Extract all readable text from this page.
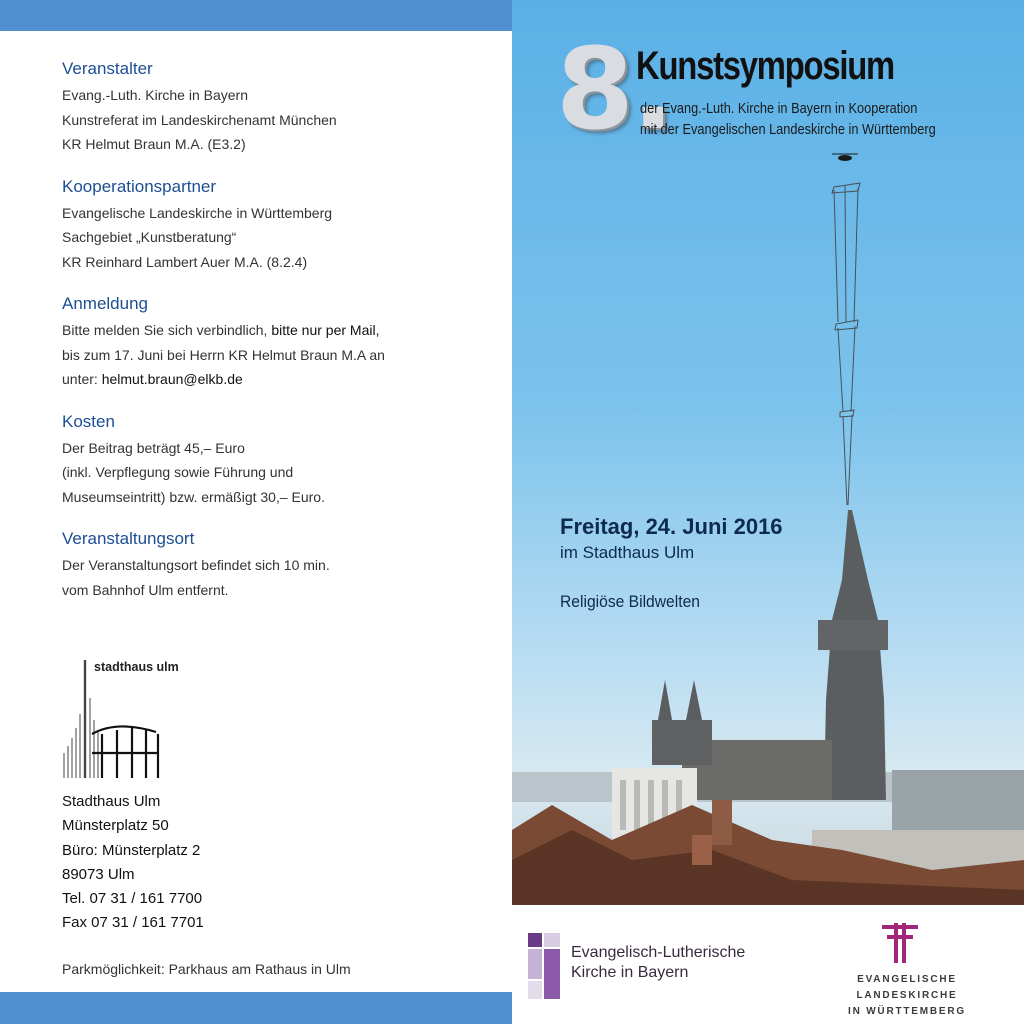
Veranstalter
Evang.-Luth. Kirche in Bayern
Kunstreferat im Landeskirchenamt München
KR Helmut Braun M.A. (E3.2)
Kooperationspartner
Evangelische Landeskirche in Württemberg
Sachgebiet „Kunstberatung“
KR Reinhard Lambert Auer M.A. (8.2.4)
Anmeldung
Bitte melden Sie sich verbindlich, bitte nur per Mail,
bis zum 17. Juni bei Herrn KR Helmut Braun M.A an
unter: helmut.braun@elkb.de
Kosten
Der Beitrag beträgt 45,– Euro
(inkl. Verpflegung sowie Führung und
Museumseintritt) bzw. ermäßigt 30,– Euro.
Veranstaltungsort
Der Veranstaltungsort befindet sich 10 min.
vom Bahnhof Ulm entfernt.
stadthaus ulm
Stadthaus Ulm
Münsterplatz 50
Büro: Münsterplatz 2
89073 Ulm
Tel. 07 31 / 161 7700
Fax 07 31 / 161 7701
Parkmöglichkeit: Parkhaus am Rathaus in Ulm
8.
Kunstsymposium
der Evang.-Luth. Kirche in Bayern in Kooperation
mit der Evangelischen Landeskirche in Württemberg
Freitag, 24. Juni 2016
im Stadthaus Ulm
Religiöse Bildwelten
Evangelisch-Lutherische
Kirche in Bayern	EVANGELISCHE LANDESKIRCHE
IN WÜRTTEMBERG
